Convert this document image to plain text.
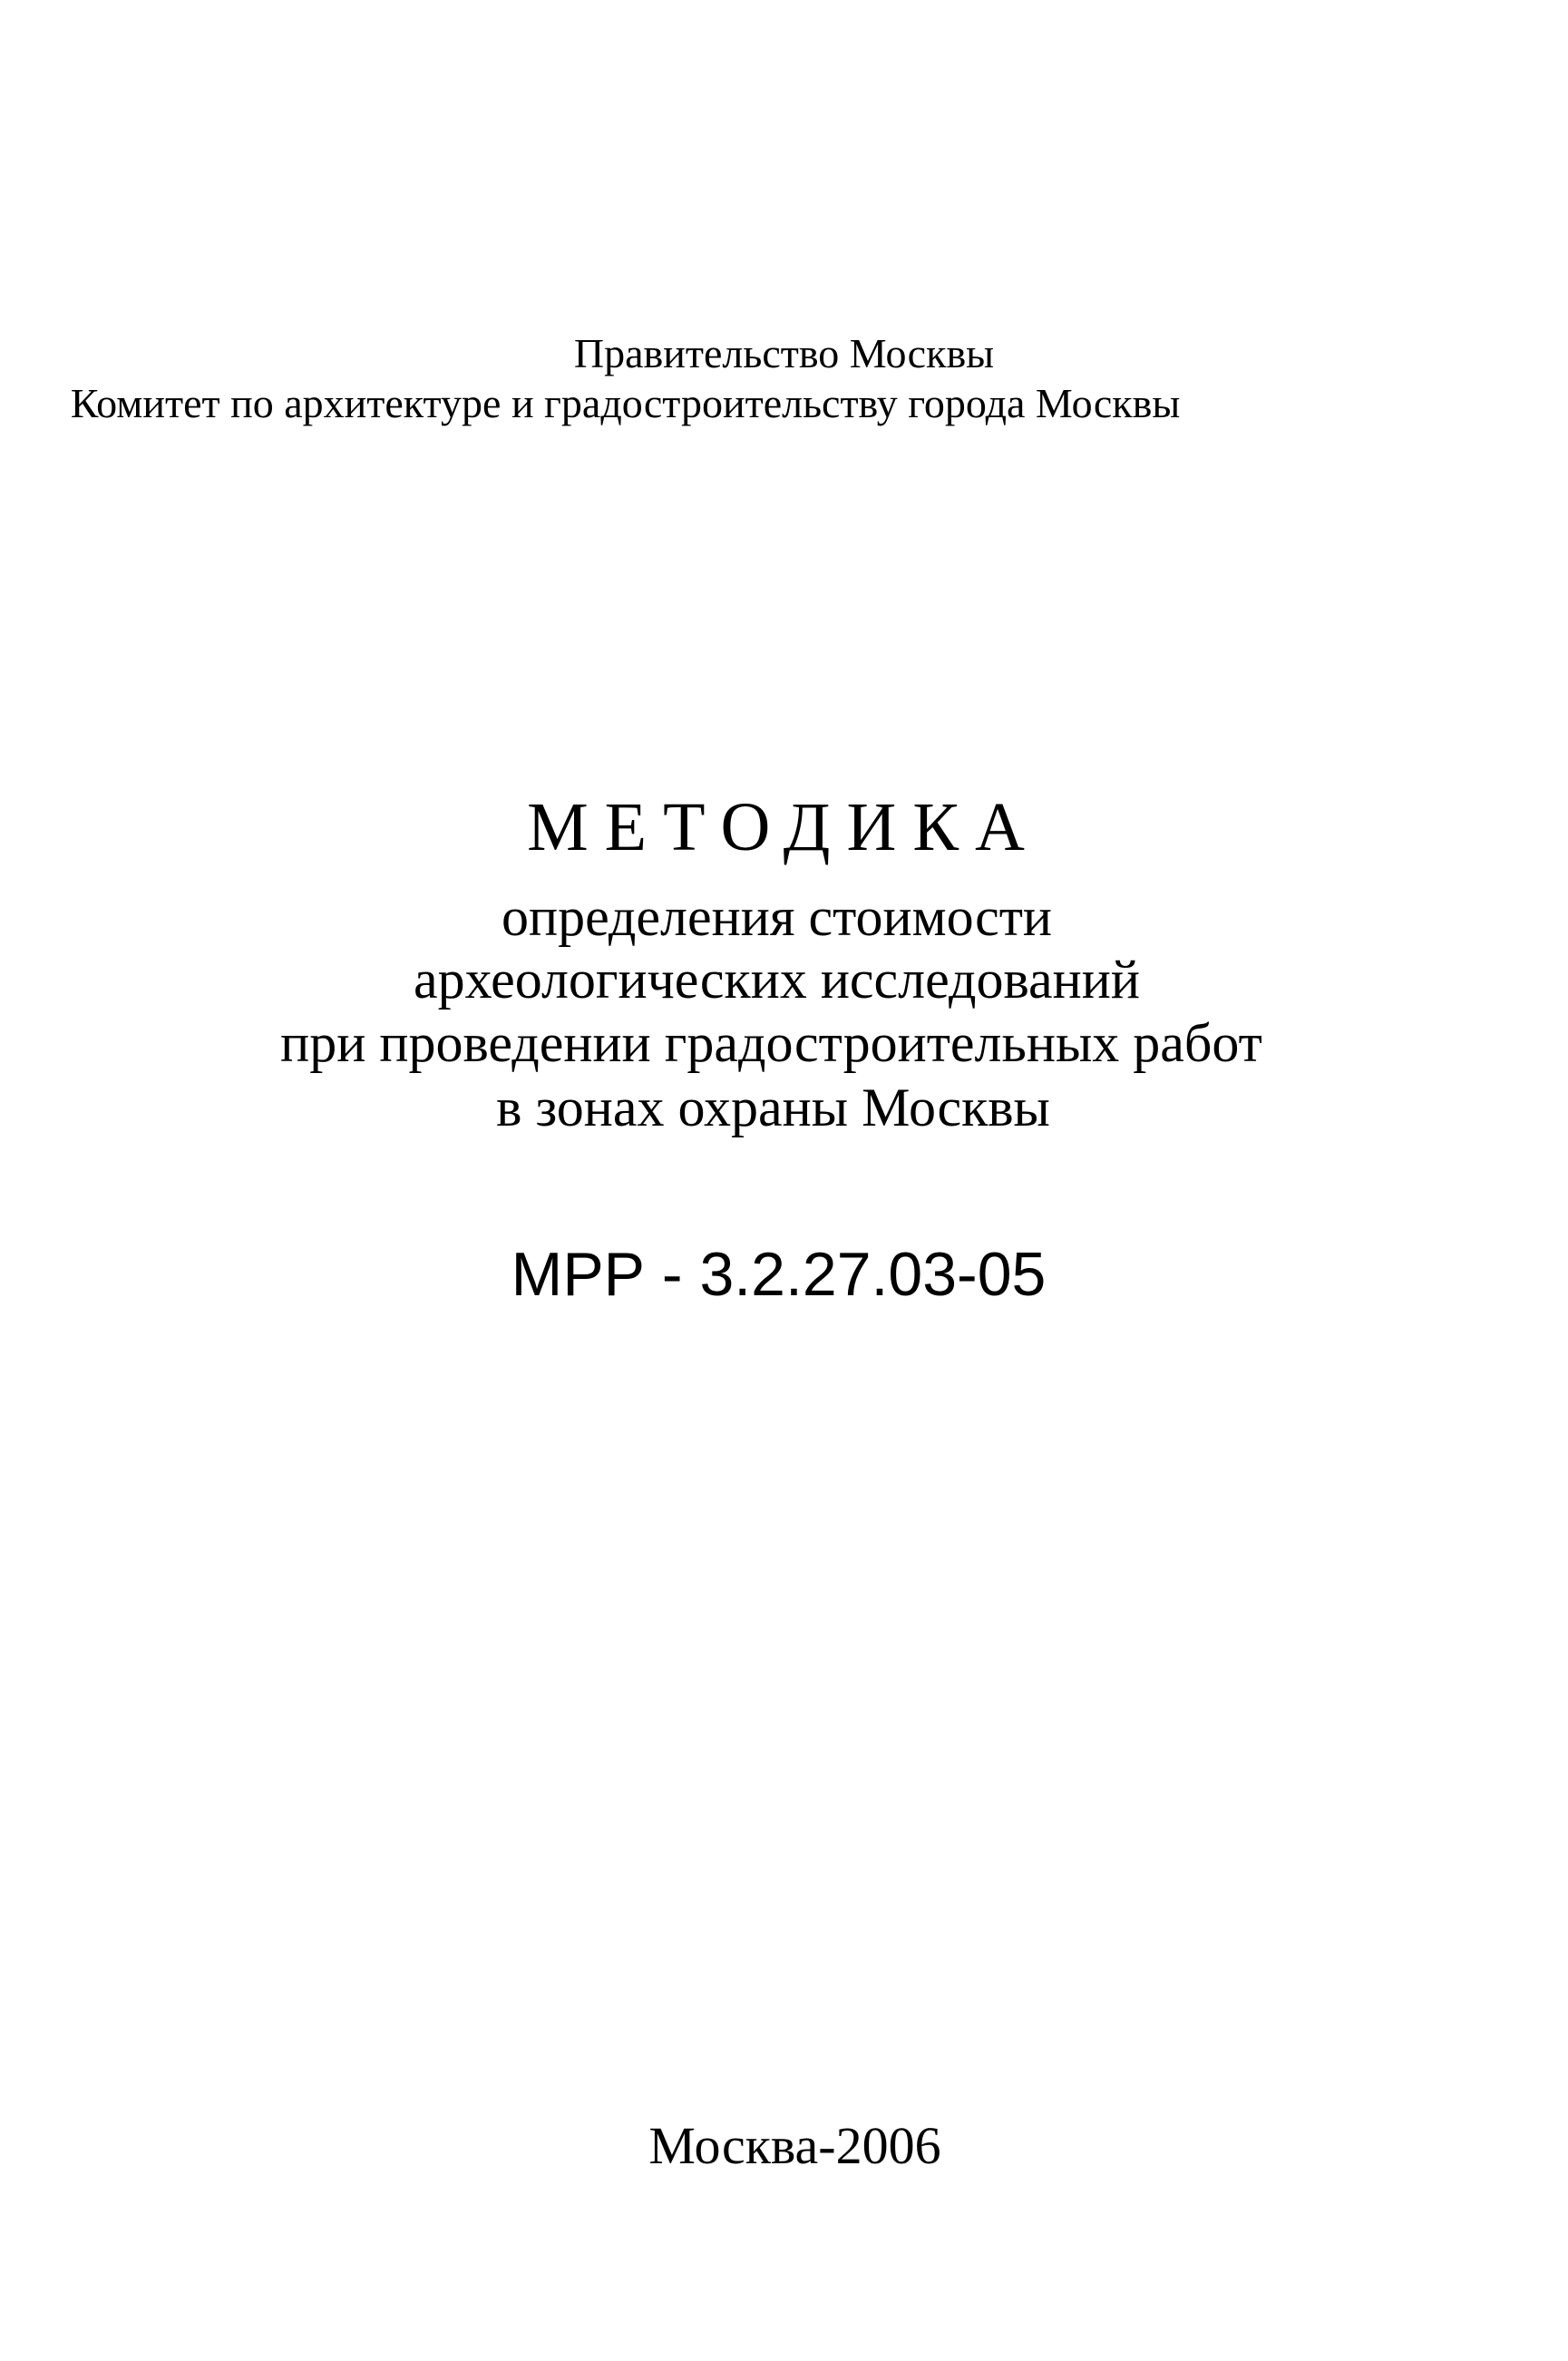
Правительство Москвы
Комитет по архитектуре и градостроительству города Москвы
МЕТОДИКА
определения стоимости
археологических исследований
при проведении градостроительных работ
в зонах охраны Москвы
МРР - 3.2.27.03-05
Москва-2006
